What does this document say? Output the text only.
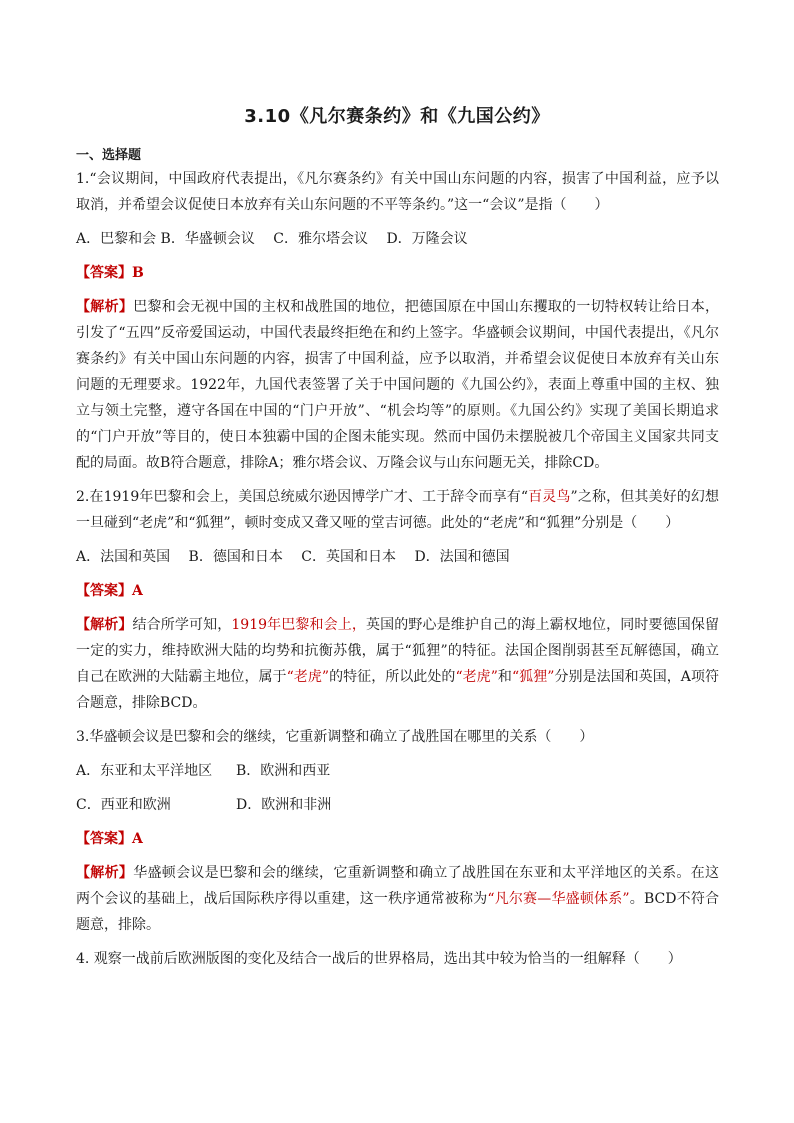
3.10《凡尔赛条约》和《九国公约》
一、选择题

1.“会议期间，中国政府代表提出，《凡尔赛条约》有关中国山东问题的内容，损害了中国利益，应予以取消，并希望会议促使日本放弃有关山东问题的不平等条约。”这一“会议”是指（　　）

A．巴黎和会 B．华盛顿会议　 C．雅尔塔会议　 D．万隆会议

【答案】B

【解析】巴黎和会无视中国的主权和战胜国的地位，把德国原在中国山东攫取的一切特权转让给日本，引发了“五四”反帝爱国运动，中国代表最终拒绝在和约上签字。华盛顿会议期间，中国代表提出，《凡尔赛条约》有关中国山东问题的内容，损害了中国利益，应予以取消，并希望会议促使日本放弃有关山东问题的无理要求。1922年，九国代表签署了关于中国问题的《九国公约》，表面上尊重中国的主权、独立与领土完整，遵守各国在中国的“门户开放”、“机会均等”的原则。《九国公约》实现了美国长期追求的“门户开放”等目的，使日本独霸中国的企图未能实现。然而中国仍未摆脱被几个帝国主义国家共同支配的局面。故B符合题意，排除A；雅尔塔会议、万隆会议与山东问题无关，排除CD。

2.在1919年巴黎和会上，美国总统威尔逊因博学广才、工于辞令而享有“百灵鸟”之称，但其美好的幻想一旦碰到“老虎”和“狐狸”，顿时变成又聋又哑的堂吉诃德。此处的“老虎”和“狐狸”分别是（　　）

A．法国和英国　 B．德国和日本　 C．英国和日本　 D．法国和德国

【答案】A

【解析】结合所学可知，1919年巴黎和会上，英国的野心是维护自己的海上霸权地位，同时要德国保留一定的实力，维持欧洲大陆的均势和抗衡苏俄，属于“狐狸”的特征。法国企图削弱甚至瓦解德国，确立自己在欧洲的大陆霸主地位，属于“老虎”的特征，所以此处的“老虎”和“狐狸”分别是法国和英国，A项符合题意，排除BCD。

3.华盛顿会议是巴黎和会的继续，它重新调整和确立了战胜国在哪里的关系（　　）

A．东亚和太平洋地区	B．欧洲和西亚
C．西亚和欧洲	D．欧洲和非洲

【答案】A

【解析】华盛顿会议是巴黎和会的继续，它重新调整和确立了战胜国在东亚和太平洋地区的关系。在这两个会议的基础上，战后国际秩序得以重建，这一秩序通常被称为“凡尔赛—华盛顿体系”。BCD不符合题意，排除。

4. 观察一战前后欧洲版图的变化及结合一战后的世界格局，选出其中较为恰当的一组解释（　　）
